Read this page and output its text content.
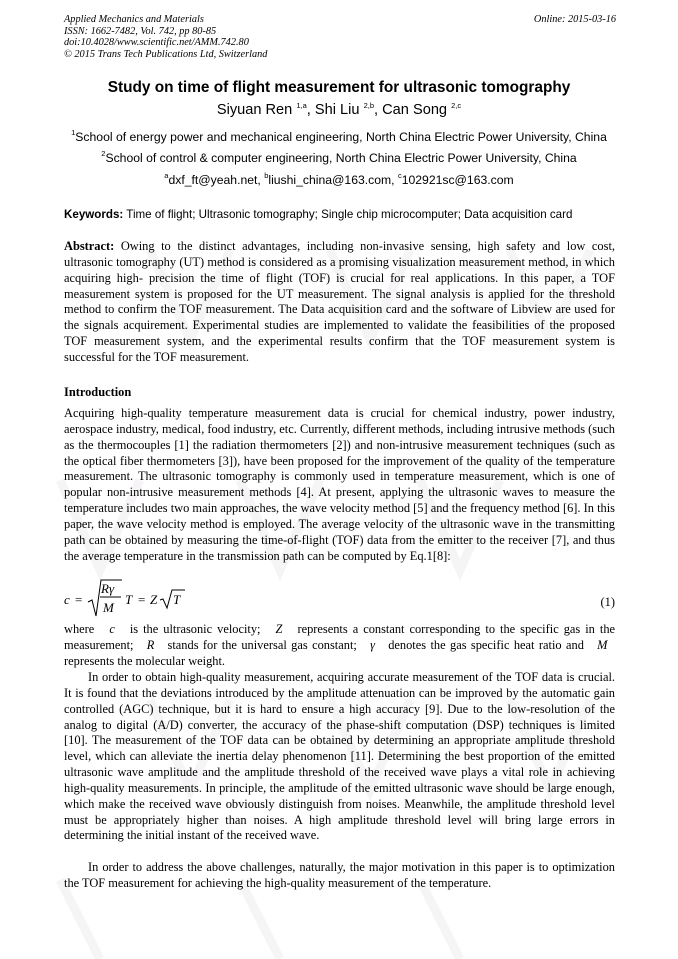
Applied Mechanics and Materials
ISSN: 1662-7482, Vol. 742, pp 80-85
doi:10.4028/www.scientific.net/AMM.742.80
© 2015 Trans Tech Publications Ltd, Switzerland
Online: 2015-03-16
Study on time of flight measurement for ultrasonic tomography
Siyuan Ren $^{1,a}$, Shi Liu $^{2,b}$, Can Song $^{2,c}$
$^1$School of energy power and mechanical engineering, North China Electric Power University, China
$^2$School of control & computer engineering, North China Electric Power University, China
$^a$dxf_ft@yeah.net, $^b$liushi_china@163.com, $^c$102921sc@163.com
Keywords: Time of flight; Ultrasonic tomography; Single chip microcomputer; Data acquisition card

Abstract: Owing to the distinct advantages, including non-invasive sensing, high safety and low cost, ultrasonic tomography (UT) method is considered as a promising visualization measurement method, in which acquiring high- precision the time of flight (TOF) is crucial for real applications. In this paper, a TOF measurement system is proposed for the UT measurement. The signal analysis is applied for the threshold method to confirm the TOF measurement. The Data acquisition card and the software of Libview are used for the signals acquirement. Experimental studies are implemented to validate the feasibilities of the proposed TOF measurement system, and the experimental results confirm that the TOF measurement system is successful for the TOF measurement.

Introduction

Acquiring high-quality temperature measurement data is crucial for chemical industry, power industry, aerospace industry, medical, food industry, etc. Currently, different methods, including intrusive methods (such as the thermocouples [1] the radiation thermometers [2]) and non-intrusive measurement techniques (such as the optical fiber thermometers [3]), have been proposed for the improvement of the quality of the temperature measurement. The ultrasonic tomography is commonly used in temperature measurement, which is one of popular non-intrusive measurement methods [4]. At present, applying the ultrasonic waves to measure the temperature includes two main approaches, the wave velocity method [5] and the frequency method [6]. In this paper, the wave velocity method is employed. The average velocity of the ultrasonic wave in the transmitting path can be obtained by measuring the time-of-flight (TOF) data from the emitter to the receiver [7], and thus the average temperature in the transmission path can be computed by Eq.1[8]:

c =
Rγ
M
T = Z T	(1)

where c is the ultrasonic velocity; Z represents a constant corresponding to the specific gas in the measurement; R stands for the universal gas constant; γ denotes the gas specific heat ratio and M   represents the molecular weight.

In order to obtain high-quality measurement, acquiring accurate measurement of the TOF data is crucial. It is found that the deviations introduced by the amplitude attenuation can be improved by the automatic gain controlled (AGC) technique, but it is hard to ensure a high accuracy [9]. Due to the low-resolution of the analog to digital (A/D) converter, the accuracy of the phase-shift computation (DSP) techniques is limited [10]. The measurement of the TOF data can be obtained by determining an appropriate amplitude threshold level, which can alleviate the inertia delay phenomenon [11]. Determining the best proportion of the emitted ultrasonic wave amplitude and the amplitude threshold of the received wave plays a vital role in achieving high-quality measurements. In principle, the amplitude of the emitted ultrasonic wave should be large enough, which make the received wave obviously distinguish from noises. Meanwhile, the amplitude threshold level must be appropriately higher than noises. A high amplitude threshold level will bring large errors in determining the initial instant of the received wave.

In order to address the above challenges, naturally, the major motivation in this paper is to optimization the TOF measurement for achieving the high-quality measurement of the temperature.
